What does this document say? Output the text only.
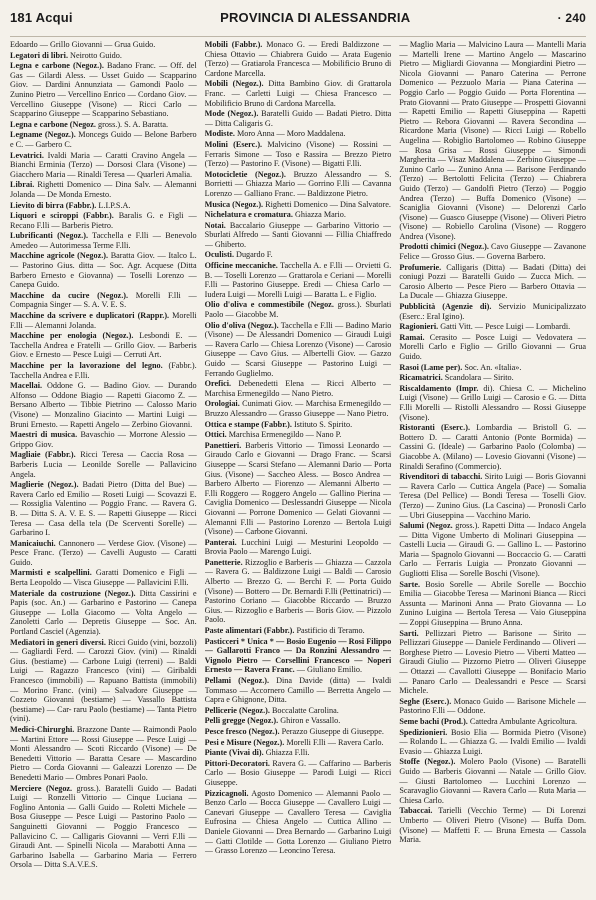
181 Acqui	PROVINCIA DI ALESSANDRIA	· 240

Edoardo — Grillo Giovanni — Grua Guido.

Legatori di libri. Neirotto Guido.

Legna e carbone (Negoz.). Badano Franc. — Off. del Gas — Gilardi Aless. — Usset Guido — Scapparino Giov. — Dardini Annunziata — Gamondi Paolo — Zunino Pietro — Vercellino Enrico — Cordano Giov. — Vercellino Giuseppe (Visone) — Ricci Carlo — Scapparino Giuseppe — Scapparino Sebastiano.

Legna e carbone (Negoz. gross.). S. A. Baratta.

Legname (Negoz.). Moncegs Guido — Belone Barbero e C. — Garbero C.

Levatrici. Ivaldi Maria — Caratti Cravino Angela — Bianchi Erminia (Terzo) — Dorsosi Clara (Visone) — Giacchero Maria — Rinaldi Teresa — Quarleri Amalia.

Librai. Righetti Domenico — Dina Salv. — Alemanni Jolanda — De Monda Ernesto.

Lievito di birra (Fabbr.). L.I.P.S.A.

Liquori e sciroppi (Fabbr.). Baralis G. e Figli — Recano F.lli — Barberis Pietro.

Lubrificanti (Negoz.). Tacchella e F.lli — Benevolo Amedeo — Autorimessa Terme F.lli.

Macchine agricole (Negoz.). Baratta Giov. — Italco L. — Pastorino Gius. ditta — Soc. Agr. Acquese (Ditta Barbero Ernesto e Giovanna) — Toselli Lorenzo — Canepa Guido.

Macchine da cucire (Negoz.). Morelli F.lli — Compagnia Singer — S. A. V. E. S.

Macchine da scrivere e duplicatori (Rappr.). Morelli F.lli — Alemanni Jolanda.

Macchine per enologia (Negoz.). Lesbondi E. — Tacchella Andrea e Fratelli — Grillo Giov. — Barberis Giov. e Ernesto — Pesce Luigi — Cerruti Art.

Macchine per la lavorazione del legno. (Fabbr.). Tacchella Andrea e F.lli.

Macellai. Oddone G. — Badino Giov. — Durando Alfonso — Oddone Biagio — Rapetti Giacomo Z. — Bersano Alberto — Tibbie Pietrino — Calosso Mario (Visone) — Monzalino Giacinto — Martini Luigi — Bruni Ernesto. — Rapetti Angelo — Zerbino Giovanni.

Maestri di musica. Bavaschio — Morrone Alessio — Grippo Giov.

Magliaie (Fabbr.). Ricci Teresa — Caccia Rosa — Barberis Lucia — Leonilde Sorelle — Pallavicino Angela.

Maglierie (Negoz.). Badati Pietro (Ditta del Bue) — Ravera Carlo ed Emilio — Roseti Luigi — Scovazzi E. — Rossiglia Valentino — Poggio Franc. — Ravera G. B. — Ditta S. A. V. E. S. — Rapetti Giuseppe — Ricci Teresa — Casa della tela (De Scerventi Sorelle) — Garbarino I.

Manicaiuchi. Cannonero — Verdese Giov. (Visone) — Pesce Franc. (Terzo) — Cavelli Augusto — Caratti Guido.

Marmisti e scalpellini. Garatti Domenico e Figli — Berta Leopoldo — Visca Giuseppe — Pallavicini F.lli.

Materiale da costruzione (Negoz.). Ditta Cassirini e Papis (soc. An.) — Garbarino e Pastorino — Canepa Giuseppe — Lolla Giacomo — Volta Angelo — Zanoletti Carlo — Depretis Giuseppe — Soc. An. Portland Casciel (Agenzia).

Mediatori in generi diversi. Ricci Guido (vini, bozzoli) — Gagliardi Ferd. — Carozzi Giov. (vini) — Rinaldi Gius. (bestiame) — Carbone Luigi (terreni) — Baldi Luigi — Ragazzo Francesco (vini) — Giribaldi Francesco (immobili) — Rapuano Battista (immobili) — Morino Franc. (vini) — Salvadore Giuseppe — Cozzeto Giovanni (bestiame) — Vassallo Battista (bestiame) — Car- raru Paolo (bestiame) — Tanta Pietro (vini).

Medici-Chirurghi. Brazzone Dante — Raimondi Paolo — Martini Ettore — Rossi Giuseppe — Pesce Luigi — Monti Alessandro — Scoti Riccardo (Visone) — De Benedetti Vittorio — Baratta Cesare — Mascardino Pietro — Corda Giovanni — Galeazzi Lorenzo — De Benedetti Mario — Ombres Ponari Paolo.

Merciere (Negoz. gross.). Baratelli Guido — Badati Luigi — Ronzelli Vittorio — Cinque Luciana — Foglino Antonia — Galli Guido — Roletti Michele — Bosa Giuseppe — Pesce Luigi — Pastorino Paolo — Sanguinetti Giovanni — Poggio Francesco — Pallavicino C. — Calligaris Giovanni — Verri F.lli — Giraudi Ant. — Spinelli Nicola — Marabotti Anna — Garbarino Isabella — Garbarino Maria — Ferrero Orsola — Ditta S.A.V.E.S.

Mobili (Fabbr.). Monaco G. — Eredi Baldizzone — Chiesa Ottavio — Chiabrera Guido — Arata Eugenio (Terzo) — Gratiarola Francesca — Mobilificio Bruno di Cardone Marcella.

Mobili (Negoz.). Ditta Bambino Giov. di Grattarola Franc. — Carletti Luigi — Chiesa Francesco — Mobilificio Bruno di Cardona Marcella.

Mode (Negoz.). Baratelli Guido — Badati Pietro. Ditta — Ditta Caligaris G.

Modiste. Moro Anna — Moro Maddalena.

Molini (Eserc.). Malvicino (Visone) — Rossini — Ferraris Simone — Toso e Rassira — Brezzo Pietro (Terzo) — Pastorino F. (Visone) — Bigatti F.lli.

Motocicletie (Negoz.). Bruzzo Alessandro — S. Borrietti — Ghiazza Mario — Gorrino F.lli — Cavanna Lorenzo — Galliano Franc. — Baldizzone Pietro.

Musica (Negoz.). Righetti Domenico — Dina Salvatore.

Nichelatura e cromatura. Ghiazza Mario.

Notai. Baccalario Giuseppe — Garbarino Vittorio — Sburlati Alfredo — Santi Giovanni — Fillia Chiaffredo — Ghiberto.

Oculisti. Dugardo F.

Officine meccaniche. Tacchella A. e F.lli — Orvietti G. B. — Toselli Lorenzo — Grattarola e Ceriani — Morelli F.lli — Pastorino Giuseppe. Eredi — Chiesa Carlo — Iudera Luigi — Morelli Luigi — Baratta L. e Figlio.

Olio d'oliva e commestibile (Negoz. gross.). Sburlati Paolo — Giacobbe M.

Olio d'oliva (Negoz.). Tacchella e F.lli — Badino Mario (Visone) — De Alessandri Domenico — Giraudi Luigi — Ravera Carlo — Chiesa Lorenzo (Visone) — Carosio Giuseppe — Cavo Gius. — Albertelli Giov. — Gazzo Guido — Scarsi Giuseppe — Pastorino Luigi — Ferrando Guglielmo.

Orefici. Debenedetti Elena — Ricci Alberto — Marchisa Ermenegildo — Nano Pietro.

Orologiai. Cunimati Giov. — Marchisa Ermenegildo — Bruzzo Alessandro — Grasso Giuseppe — Nano Pietro.

Ottica e stampe (Fabbr.). Istituto S. Spirito.

Ottici. Marchisa Ermenegildo — Nano P.

Panettieri. Barberis Vittorio — Timossi Leonardo — Giraudo Carlo e Giovanni — Drago Franc. — Scarsi Giuseppe — Scarsi Stefano — Alemanni Dario — Porta Gius. (Visone) — Saccheo Aless. — Bosco Andrea — Barbero Alberto — Fiorenzo — Alemanni Alberto — F.lli Roggero — Roggero Angelo — Gallino Pierina — Caviglia Domenico — Deslessandri Giuseppe — Nicola Giovanni — Porrone Domenico — Gelati Giovanni — Alemanni F.lli — Pastorino Lorenzo — Bertola Luigi (Visone) — Carbone Giovanni.

Panterai. Lucchini Luigi — Mesturini Leopoldo — Brovia Paolo — Marengo Luigi.

Panetterie. Rizzoglio e Barberis — Ghiazza — Cazzola — Ravera G. — Baldizzone Luigi — Baldi — Carosio Alberto — Brezzo G. — Berchi F. — Porta Guido (Visone) — Bottero — Dr. Bernardi F.lli (Pettinatrici) — Pastorino Coriano — Giacobbe Riccardo — Bruzzo Gius. — Rizzoglio e Barberis — Boris Giov. — Pizzolo Paolo.

Paste alimentari (Fabbr.). Pastificio di Teramo.

Pasticceri * Unica * — Bosio Eugenio — Rosi Filippo — Gallarotti Franco — Da Ronzini Alessandro — Vignolo Pietro — Corsellini Francesco — Noperi Ernesto — Ravera Franc. — Giuliano Emilio.

Pellami (Negoz.). Dina Davide (ditta) — Ivaldi Tommaso — Accornero Camillo — Berretta Angelo — Capra e Ghignone, Ditta.

Pellicerie (Negoz.). Boccalatte Carolina.

Pelli gregge (Negoz.). Ghiron e Vassallo.

Pesce fresco (Negoz.). Perazzo Giuseppe di Giuseppe.

Pesi e Misure (Negoz.). Morelli F.lli — Ravera Carlo.

Piante (Vivai di). Ghiazza F.lli.

Pittori-Decoratori. Ravera G. — Caffarino — Barberis Carlo — Bosio Giuseppe — Parodi Luigi — Ricci Giuseppe.

Pizzicagnoli. Agosto Domenico — Alemanni Paolo — Benzo Carlo — Bocca Giuseppe — Cavallero Luigi — Canevari Giuseppe — Cavallero Teresa — Caviglia Eufrosina — Chiesa Angelo — Cuttica Allino — Daniele Giovanni — Drea Bernardo — Garbarino Luigi — Gatti Clotilde — Gotta Lorenzo — Giuliano Pietro — Grasso Lorenzo — Leoncino Teresa.

— Maglio Maria — Malvicino Laura — Mantelli Maria — Martelli Irene — Martino Angelo — Mascarino Pietro — Migliardi Giovanna — Mongiardini Pietro — Nicola Giovanni — Panaro Caterina — Perrone Domenico — Pezzuolo Maria — Piana Caterina — Poggio Carlo — Poggio Guido — Porta Florentina — Prato Giovanni — Prato Giuseppe — Prospetti Giovanni — Rapetti Emilio — Rapetti Giuseppina — Rapetti Pietro — Rebora Giovanni — Ravera Secondina — Ricardone Maria (Visone) — Ricci Luigi — Robello Augelina — Robiglio Bartolomeo — Robino Giuseppe — Rosa Grisa — Rossi Giuseppe — Simondi Margherita — Visaz Maddalena — Zerbino Giuseppe — Zunino Carlo — Zunino Anna — Barisone Ferdinando (Terzo) — Bertolotti Felicita (Terzo) — Chiabrera Guido (Terzo) — Gandolfi Pietro (Terzo) — Poggio Andrea (Terzo) — Buffa Domenico (Visone) — Scaniglia Giovanni (Visone) — Delorenzi Carlo (Visone) — Guasco Giuseppe (Visone) — Oliveri Pietro (Visone) — Robiello Carolina (Visone) — Roggero Andrea (Visone).

Prodotti chimici (Negoz.). Cavo Giuseppe — Zavanone Felice — Grosso Gius. — Governa Barbero.

Profumerie. Calligaris (Ditta) — Badati (Ditta) dei coniugi Pozzi — Baratelli Guido — Zucca Mich. — Carosio Alberto — Pesce Piero — Barbero Ottavia — La Ducale — Ghiazza Giuseppe.

Pubblicità (Agenzie di). Servizio Municipalizzato (Eserc.: Eral Igino).

Ragionieri. Gatti Vitt. — Pesce Luigi — Lombardi.

Ramai. Cerasito — Posce Luigi — Vedovatera — Morelli Carlo e Figlio — Grillo Giovanni — Grua Guido.

Rasoi (Lame per). Soc. An. «Italia».

Ricamatrici. Scandolara — Sirito.

Riscaldamento (Impr. di). Chiesa C. — Michelino Luigi (Visone) — Grillo Luigi — Carosio e G. — Ditta F.lli Morelli — Ristolli Alessandro — Rossi Giuseppe (Visone).

Ristoranti (Eserc.). Lombardia — Bristoll G. — Bottero D. — Caratti Antonio (Ponte Bormida) — Cassini G. (Ideale) — Garbarino Paolo (Colomba) — Giacobbe A. (Milano) — Lovesio Giovanni (Visone) — Rinaldi Serafino (Commercio).

Rivenditori di tabacchi. Sirito Luigi — Boris Giovanni — Ravera Carlo — Cuttica Angela (Pace) — Somalia Teresa (Del Pellice) — Bondi Teresa — Toselli Giov. (Terzo) — Zunino Gius. (La Cascina) — Pronosli Carlo — Ubri Giuseppina — Vacchino Mario.

Salumi (Negoz. gross.). Rapetti Ditta — Indaco Angela — Ditta Vigone Umberto di Molinari Giuseppina — Castelli Lucia — Giraudi G. — Gallino L. — Pastorino Maria — Spagnolo Giovanni — Boccaccio G. — Caratti Carlo — Ferraris Luigia — Pronzato Giovanni — Gugliotti Elisa — Sorelle Boschi (Visone).

Sarte. Bosio Sorelle — Abrile Sorelle — Bocchio Emilia — Giacobbe Teresa — Marinoni Bianca — Ricci Assunta — Marinoni Anna — Prato Giovanna — Lo Zunino Luigina — Bertola Teresa — Vaio Giuseppina — Zoppi Giuseppina — Bruno Anna.

Sarti. Pellizzari Pietro — Barisone — Sirito — Pellizzari Giuseppe — Daniele Ferdinando — Oliveri — Borghese Pietro — Lovesio Pietro — Viberti Matteo — Giraudi Giulio — Pizzorno Pietro — Oliveri Giuseppe — Ottazzi — Cavallotti Giuseppe — Bonifacio Mario — Panaro Carlo — Dealessandri e Pesce — Scarsi Michele.

Seghe (Eserc.). Monaco Guido — Barisone Michele — Pastorino F.lli — Oddone.

Seme bachi (Prod.). Cattedra Ambulante Agricoltura.

Spedizionieri. Bosio Elia — Bormida Pietro (Visone) — Rolando L. — Ghiazza G. — Ivaldi Emilio — Ivaldi Evasio — Ghiazza Luigi.

Stoffe (Negoz.). Molero Paolo (Visone) — Baratelli Guido — Barberis Giovanni — Natale — Grillo Giov. — Giusti Bartolomeo — Lucchini Lorenzo — Scaravaglio Giovanni — Ravera Carlo — Ruta Maria — Chiesa Carlo.

Tabaccai. Tarielli (Vecchio Terme) — Di Lorenzi Umberto — Oliveri Pietro (Visone) — Buffa Dom. (Visone) — Maffetti F. — Bruna Ernesta — Cassola Maria.
